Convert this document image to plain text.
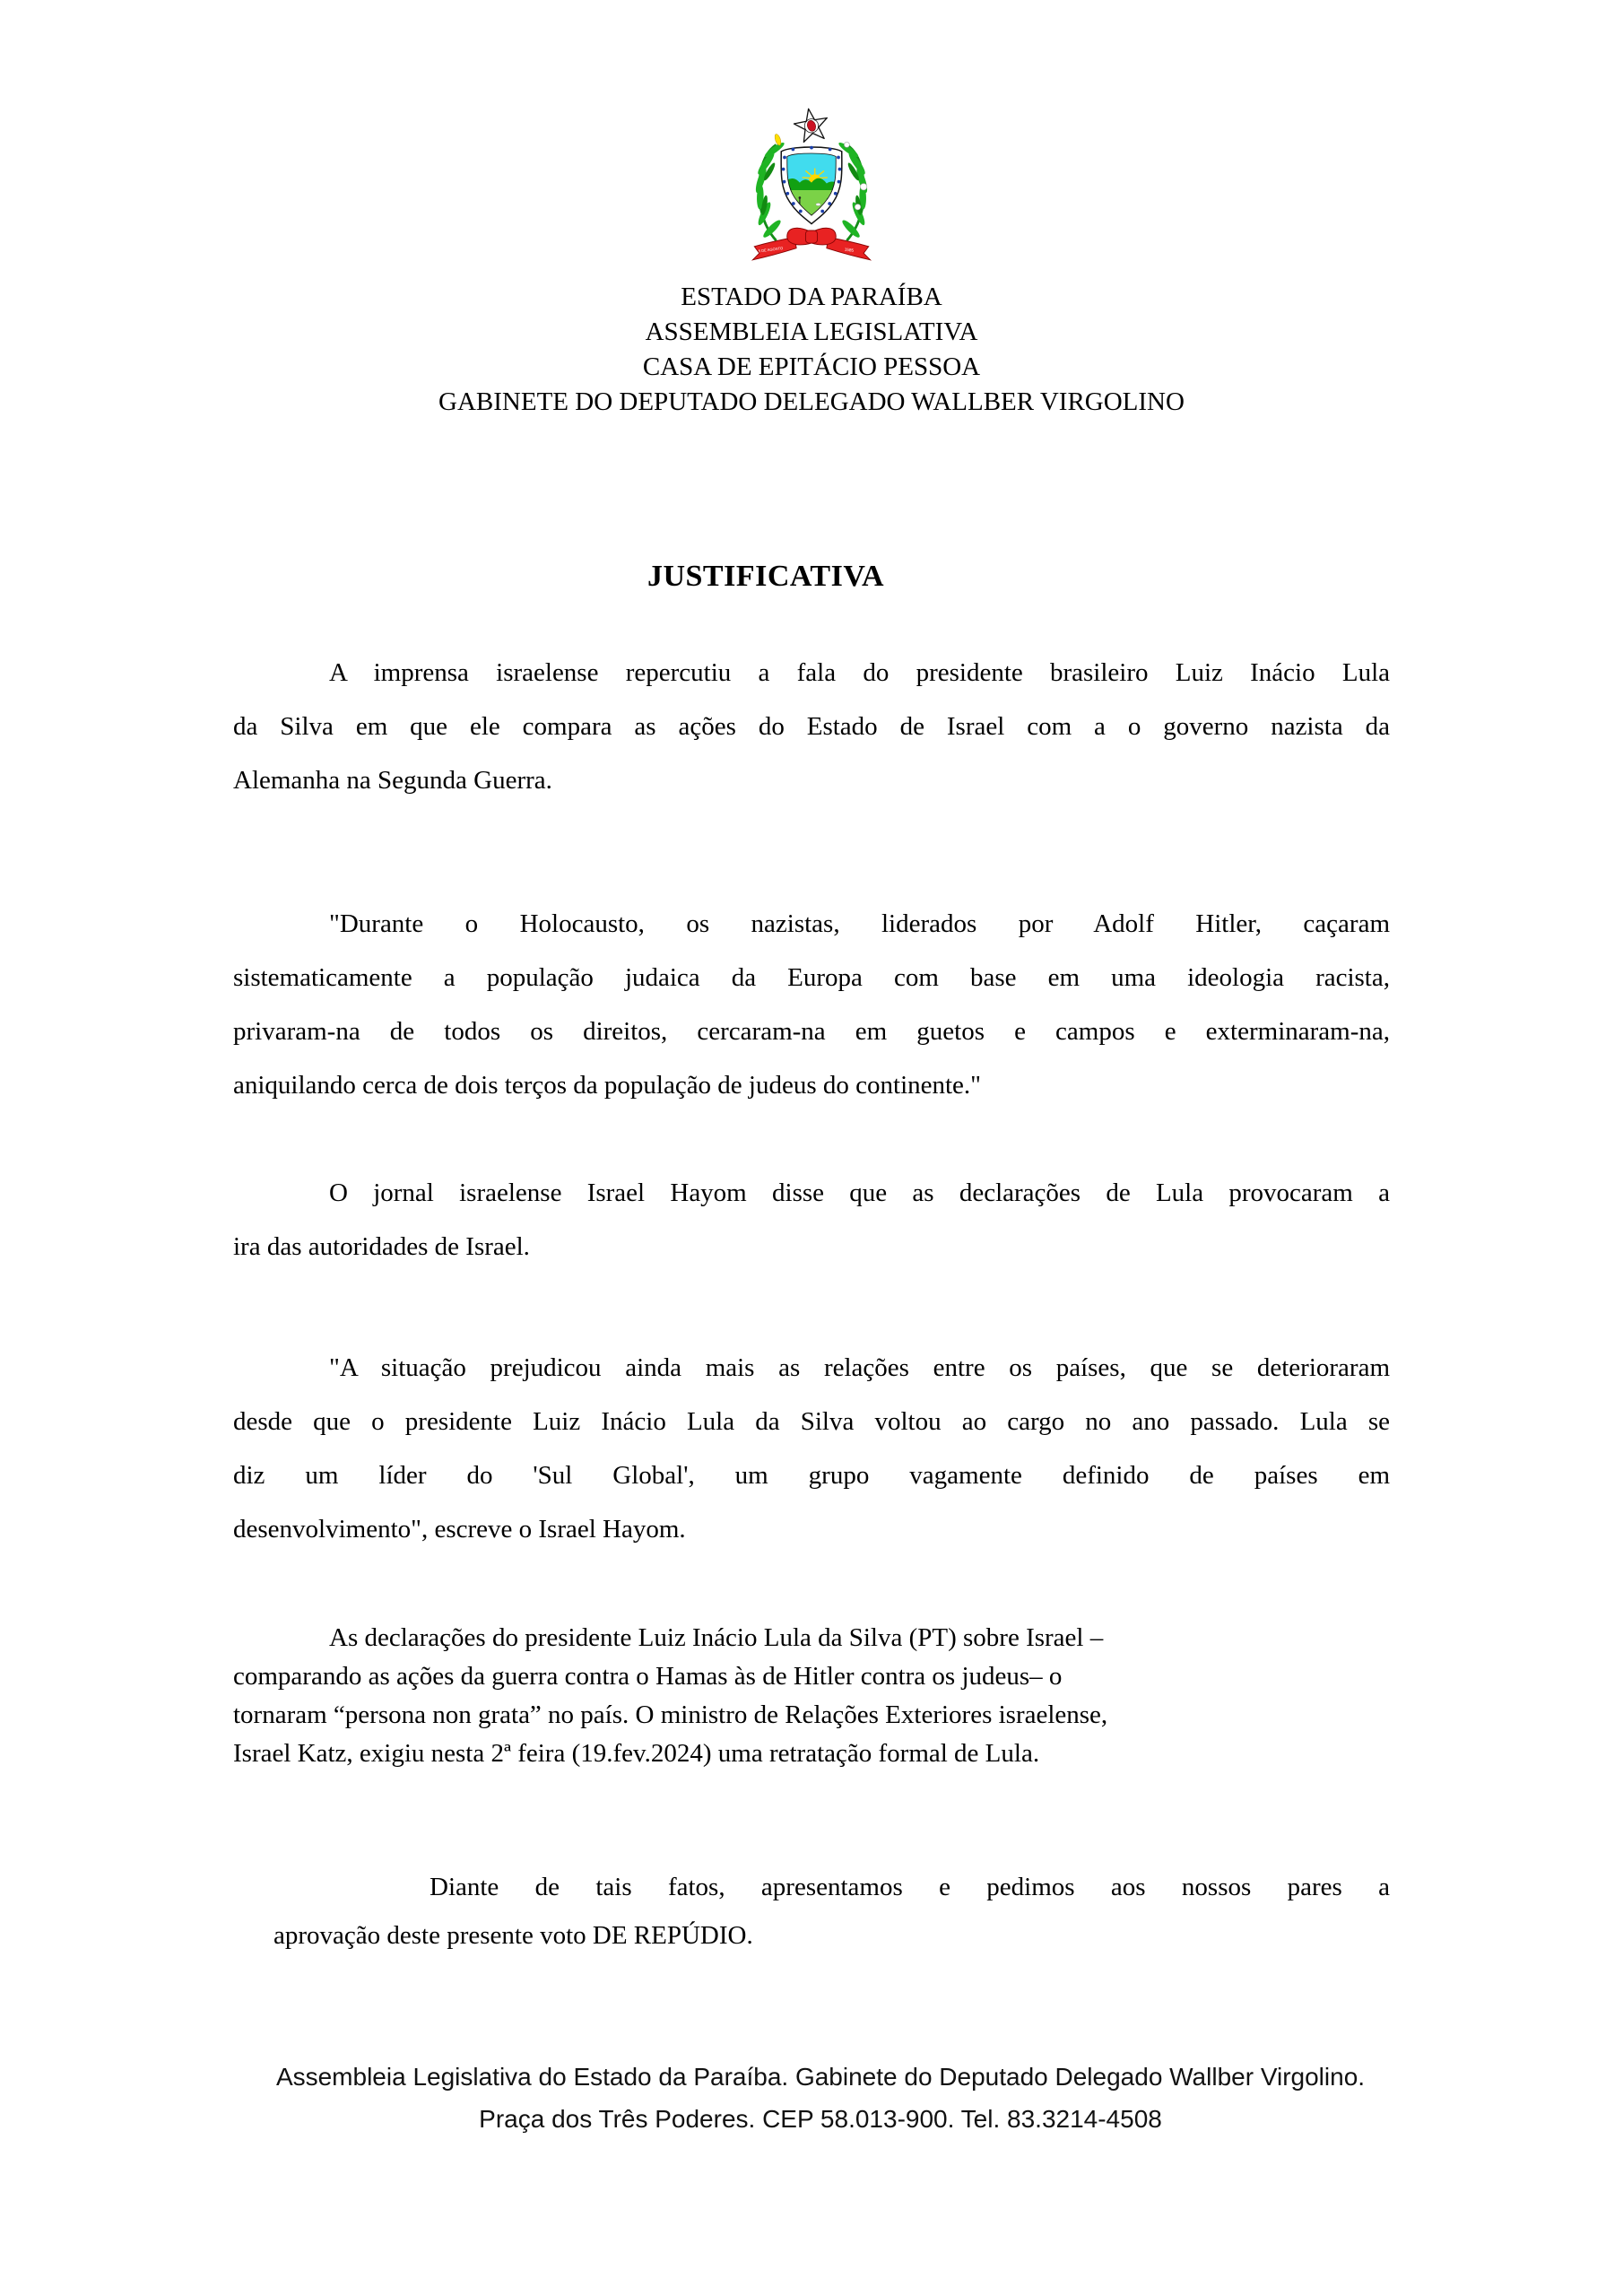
5 DE AGOSTO	1585
ESTADO DA PARAÍBA
ASSEMBLEIA LEGISLATIVA
CASA DE EPITÁCIO PESSOA
GABINETE DO DEPUTADO DELEGADO WALLBER VIRGOLINO
JUSTIFICATIVA
A imprensa israelense repercutiu a fala do presidente brasileiro Luiz Inácio Lula
da Silva em que ele compara as ações do Estado de Israel com a o governo nazista da
Alemanha na Segunda Guerra.
"Durante o Holocausto, os nazistas, liderados por Adolf Hitler, caçaram
sistematicamente a população judaica da Europa com base em uma ideologia racista,
privaram-na de todos os direitos, cercaram-na em guetos e campos e exterminaram-na,
aniquilando cerca de dois terços da população de judeus do continente."
O jornal israelense Israel Hayom disse que as declarações de Lula provocaram a
ira das autoridades de Israel.
"A situação prejudicou ainda mais as relações entre os países, que se deterioraram
desde que o presidente Luiz Inácio Lula da Silva voltou ao cargo no ano passado. Lula se
diz um líder do 'Sul Global', um grupo vagamente definido de países em
desenvolvimento", escreve o Israel Hayom.
As declarações do presidente Luiz Inácio Lula da Silva (PT) sobre Israel –
comparando as ações da guerra contra o Hamas às de Hitler contra os judeus– o
tornaram “persona non grata” no país. O ministro de Relações Exteriores israelense,
Israel Katz, exigiu nesta 2ª feira (19.fev.2024) uma retratação formal de Lula.
Diante de tais fatos, apresentamos e pedimos aos nossos pares a
aprovação deste presente voto DE REPÚDIO.
Assembleia Legislativa do Estado da Paraíba. Gabinete do Deputado Delegado Wallber Virgolino.
Praça dos Três Poderes. CEP 58.013-900. Tel. 83.3214-4508
